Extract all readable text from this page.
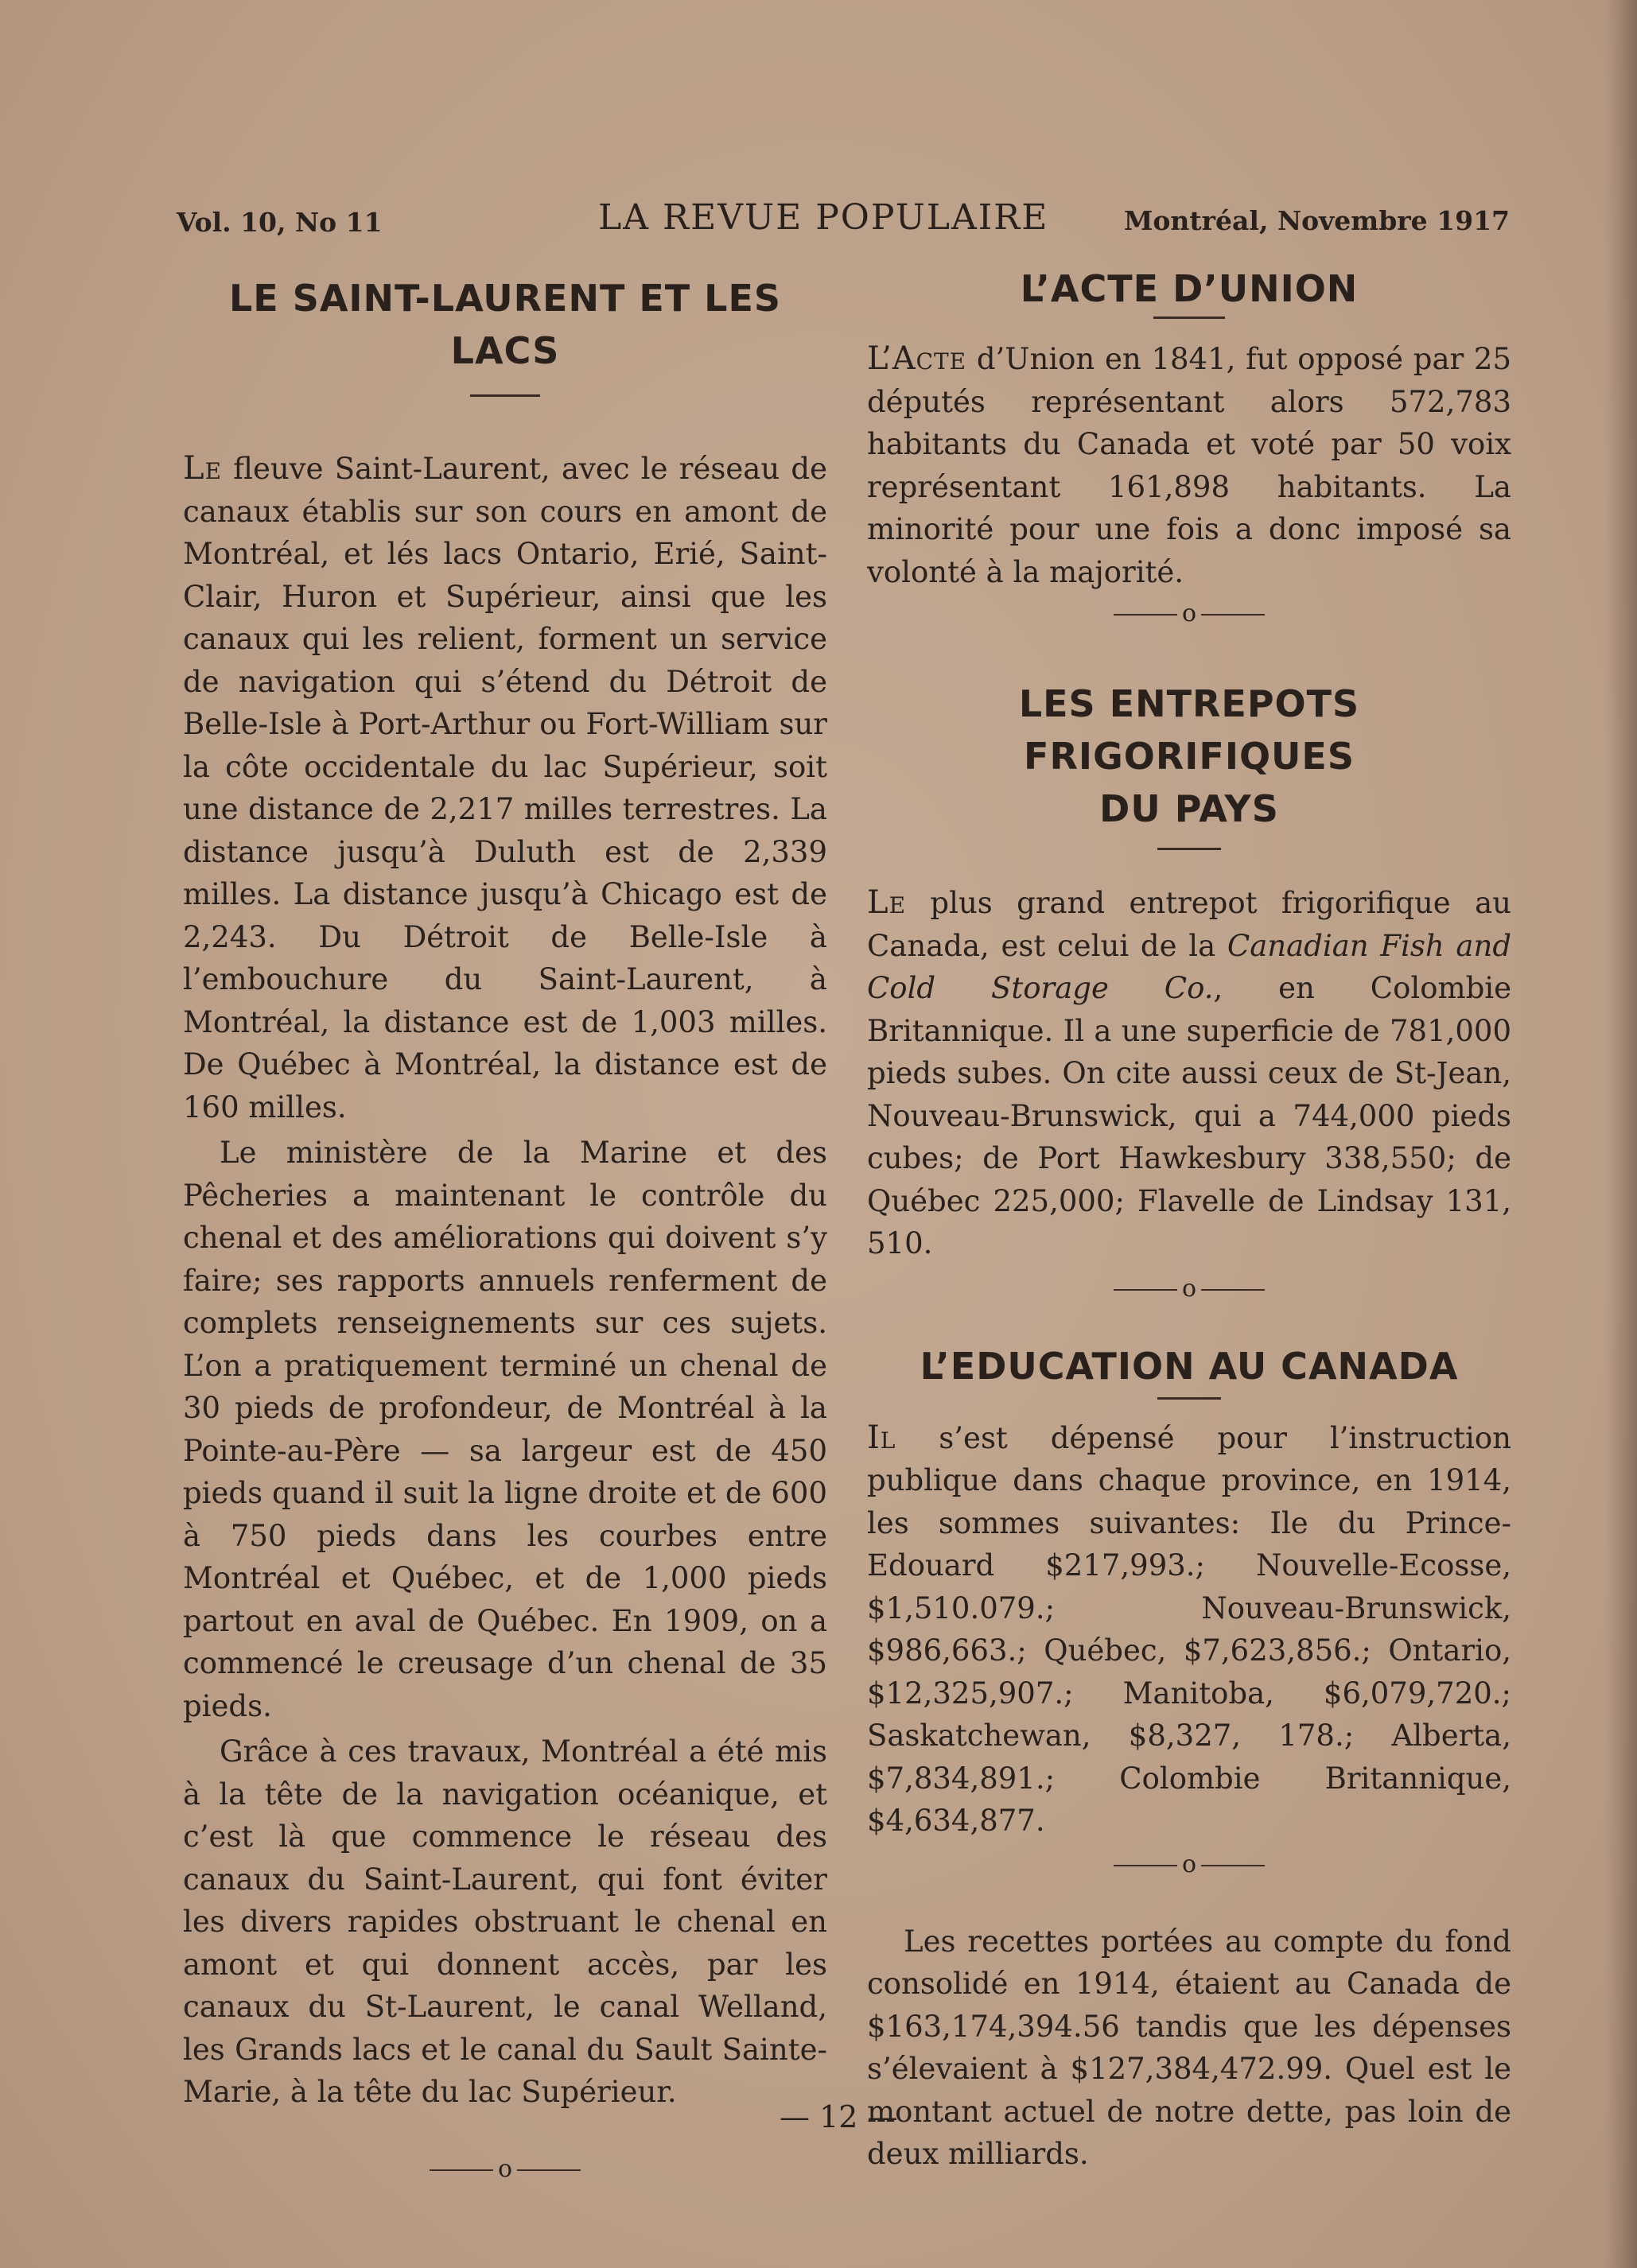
Vol. 10, No 11	LA REVUE POPULAIRE	Montréal, Novembre 1917
LE SAINT-LAURENT ET LES LACS

Le fleuve Saint-Laurent, avec le réseau de canaux établis sur son cours en amont de Montréal, et lés lacs Ontario, Erié, Saint-Clair, Huron et Supérieur, ainsi que les canaux qui les relient, forment un service de navigation qui s’étend du Détroit de Belle-Isle à Port-Arthur ou Fort-William sur la côte occidentale du lac Supérieur, soit une distance de 2,217 milles terrestres. La distance jusqu’à Duluth est de 2,339 milles. La distance jusqu’à Chicago est de 2,243. Du Détroit de Belle-Isle à l’embouchure du Saint-Laurent, à Montréal, la distance est de 1,003 milles. De Québec à Montréal, la distance est de 160 milles.

Le ministère de la Marine et des Pêcheries a maintenant le contrôle du chenal et des améliorations qui doivent s’y faire; ses rapports annuels renferment de complets renseignements sur ces sujets. L’on a pratiquement terminé un chenal de 30 pieds de profondeur, de Montréal à la Pointe-au-Père — sa largeur est de 450 pieds quand il suit la ligne droite et de 600 à 750 pieds dans les courbes entre Montréal et Québec, et de 1,000 pieds partout en aval de Québec. En 1909, on a commencé le creusage d’un chenal de 35 pieds.

Grâce à ces travaux, Montréal a été mis à la tête de la navigation océanique, et c’est là que commence le réseau des canaux du Saint-Laurent, qui font éviter les divers rapides obstruant le chenal en amont et qui donnent accès, par les canaux du St-Laurent, le canal Welland, les Grands lacs et le canal du Sault Sainte-Marie, à la tête du lac Supérieur.

o

L’ACTE D’UNION

L’Acte d’Union en 1841, fut opposé par 25 députés représentant alors 572,783 habitants du Canada et voté par 50 voix représentant 161,898 habitants. La minorité pour une fois a donc imposé sa volonté à la majorité.

o

LES ENTREPOTS FRIGORIFIQUES
DU PAYS

Le plus grand entrepot frigorifique au Canada, est celui de la Canadian Fish and Cold Storage Co., en Colombie Britannique. Il a une superficie de 781,000 pieds subes. On cite aussi ceux de St-Jean, Nouveau-Brunswick, qui a 744,000 pieds cubes; de Port Hawkesbury 338,550; de Québec 225,000; Flavelle de Lindsay 131, 510.

o

L’EDUCATION AU CANADA

Il s’est dépensé pour l’instruction publique dans chaque province, en 1914, les sommes suivantes: Ile du Prince-Edouard $217,993.; Nouvelle-Ecosse, $1,510.079.; Nouveau-Brunswick, $986,663.; Québec, $7,623,856.; Ontario, $12,325,907.; Manitoba, $6,079,720.; Saskatchewan, $8,327, 178.; Alberta, $7,834,891.; Colombie Britannique, $4,634,877.

o

Les recettes portées au compte du fond consolidé en 1914, étaient au Canada de $163,174,394.56 tandis que les dépenses s’élevaient à $127,384,472.99. Quel est le montant actuel de notre dette, pas loin de deux milliards.

— 12 —
